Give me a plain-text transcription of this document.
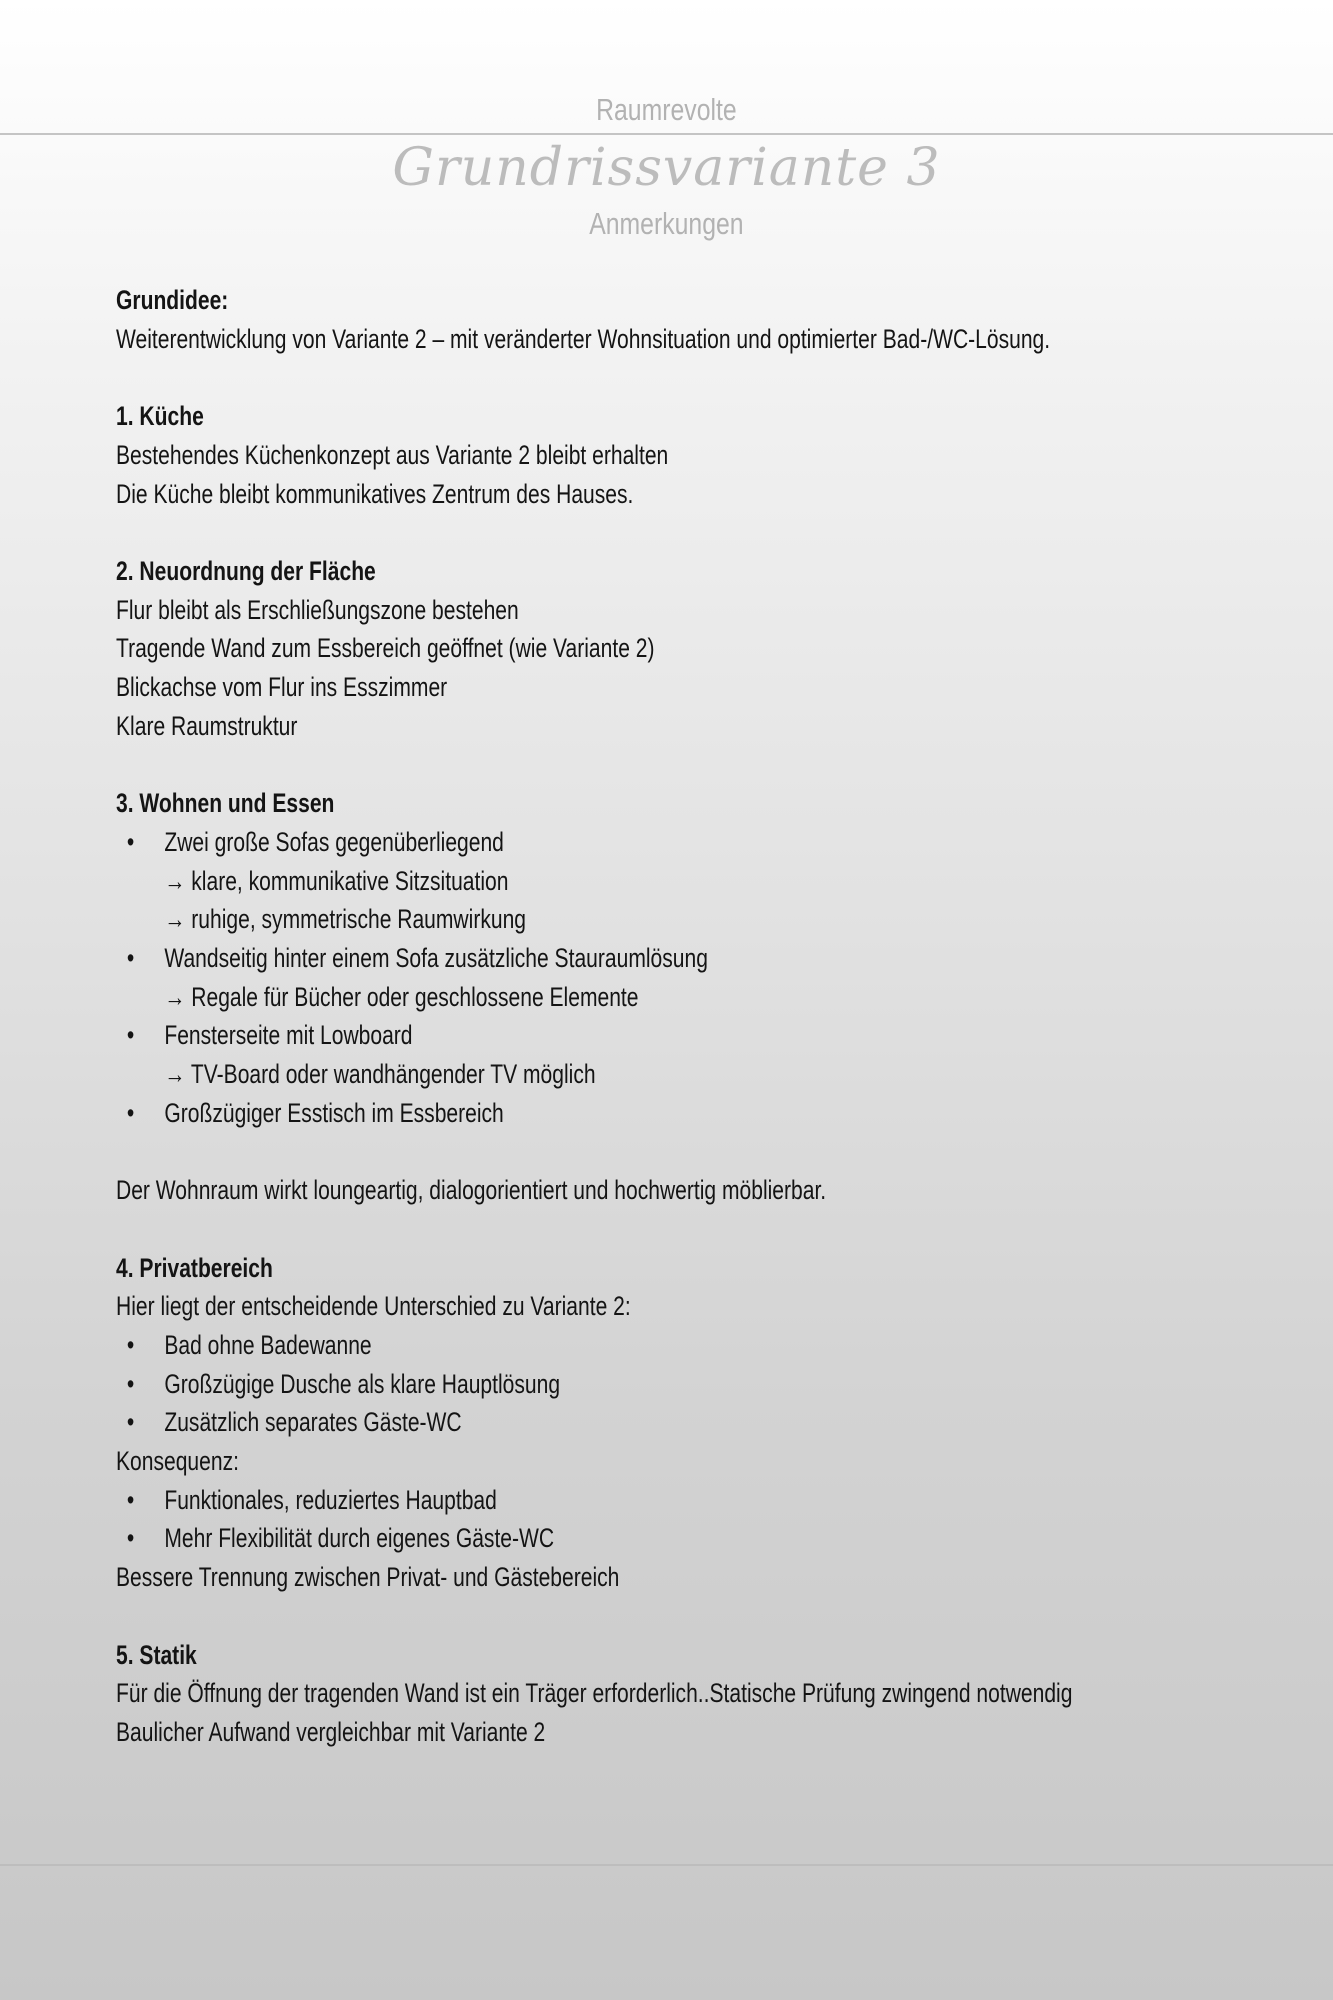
Raumrevolte
Grundrissvariante 3
Anmerkungen
Grundidee:
Weiterentwicklung von Variante 2 – mit veränderter Wohnsituation und optimierter Bad-/WC-Lösung.
1. Küche
Bestehendes Küchenkonzept aus Variante 2 bleibt erhalten
Die Küche bleibt kommunikatives Zentrum des Hauses.
2. Neuordnung der Fläche
Flur bleibt als Erschließungszone bestehen
Tragende Wand zum Essbereich geöffnet (wie Variante 2)
Blickachse vom Flur ins Esszimmer
Klare Raumstruktur
3. Wohnen und Essen
• Zwei große Sofas gegenüberliegend
→ klare, kommunikative Sitzsituation
→ ruhige, symmetrische Raumwirkung
• Wandseitig hinter einem Sofa zusätzliche Stauraumlösung
→ Regale für Bücher oder geschlossene Elemente
• Fensterseite mit Lowboard
→ TV-Board oder wandhängender TV möglich
• Großzügiger Esstisch im Essbereich
Der Wohnraum wirkt loungeartig, dialogorientiert und hochwertig möblierbar.
4. Privatbereich
Hier liegt der entscheidende Unterschied zu Variante 2:
• Bad ohne Badewanne
• Großzügige Dusche als klare Hauptlösung
• Zusätzlich separates Gäste-WC
Konsequenz:
• Funktionales, reduziertes Hauptbad
• Mehr Flexibilität durch eigenes Gäste-WC
Bessere Trennung zwischen Privat- und Gästebereich
5. Statik
Für die Öffnung der tragenden Wand ist ein Träger erforderlich..Statische Prüfung zwingend notwendig
Baulicher Aufwand vergleichbar mit Variante 2
